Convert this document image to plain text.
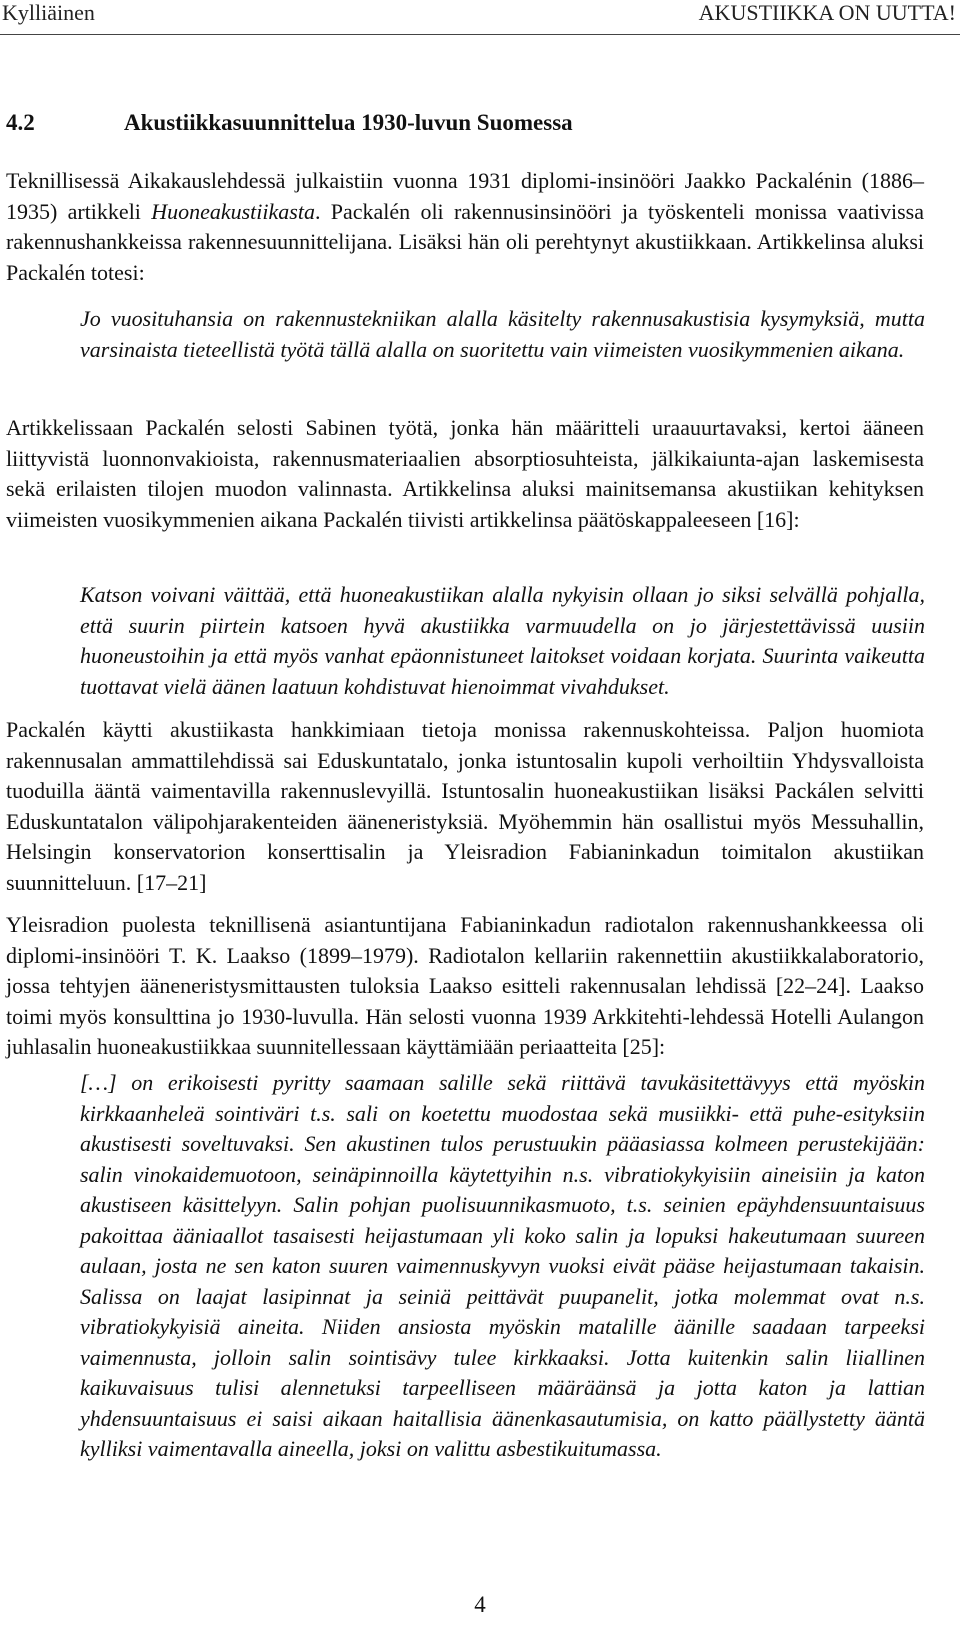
Kylliäinen	AKUSTIIKKA ON UUTTA!
4.2	Akustiikkasuunnittelua 1930-luvun Suomessa

Teknillisessä Aikakauslehdessä julkaistiin vuonna 1931 diplomi-insinööri Jaakko Packalénin (1886–1935) artikkeli Huoneakustiikasta. Packalén oli rakennusinsinööri ja työskenteli monissa vaativissa rakennushankkeissa rakennesuunnittelijana. Lisäksi hän oli perehtynyt akustiikkaan. Artikkelinsa aluksi Packalén totesi:

Jo vuosituhansia on rakennustekniikan alalla käsitelty rakennusakustisia kysymyksiä, mutta varsinaista tieteellistä työtä tällä alalla on suoritettu vain viimeisten vuosikymmenien aikana.

Artikkelissaan Packalén selosti Sabinen työtä, jonka hän määritteli uraauurtavaksi, kertoi ääneen liittyvistä luonnonvakioista, rakennusmateriaalien absorptiosuhteista, jälkikaiunta-ajan laskemisesta sekä erilaisten tilojen muodon valinnasta. Artikkelinsa aluksi mainitsemansa akustiikan kehityksen viimeisten vuosikymmenien aikana Packalén tiivisti artikkelinsa päätöskappaleeseen [16]:

Katson voivani väittää, että huoneakustiikan alalla nykyisin ollaan jo siksi selvällä pohjalla, että suurin piirtein katsoen hyvä akustiikka varmuudella on jo järjestettävissä uusiin huoneustoihin ja että myös vanhat epäonnistuneet laitokset voidaan korjata. Suurinta vaikeutta tuottavat vielä äänen laatuun kohdistuvat hienoimmat vivahdukset.

Packalén käytti akustiikasta hankkimiaan tietoja monissa rakennuskohteissa. Paljon huomiota rakennusalan ammattilehdissä sai Eduskuntatalo, jonka istuntosalin kupoli verhoiltiin Yhdysvalloista tuoduilla ääntä vaimentavilla rakennuslevyillä. Istuntosalin huoneakustiikan lisäksi Packálen selvitti Eduskuntatalon välipohjarakenteiden ääneneristyksiä. Myöhemmin hän osallistui myös Messuhallin, Helsingin konservatorion konserttisalin ja Yleisradion Fabianinkadun toimitalon akustiikan suunnitteluun. [17–21]

Yleisradion puolesta teknillisenä asiantuntijana Fabianinkadun radiotalon rakennushankkeessa oli diplomi-insinööri T. K. Laakso (1899–1979). Radiotalon kellariin rakennettiin akustiikkalaboratorio, jossa tehtyjen ääneneristysmittausten tuloksia Laakso esitteli rakennusalan lehdissä [22–24]. Laakso toimi myös konsulttina jo 1930-luvulla. Hän selosti vuonna 1939 Arkkitehti-lehdessä Hotelli Aulangon juhlasalin huoneakustiikkaa suunnitellessaan käyttämiään periaatteita [25]:

[…] on erikoisesti pyritty saamaan salille sekä riittävä tavukäsitettävyys että myöskin kirkkaanheleä sointiväri t.s. sali on koetettu muodostaa sekä musiikki- että puhe-esityksiin akustisesti soveltuvaksi. Sen akustinen tulos perustuukin pääasiassa kolmeen perustekijään: salin vinokaidemuotoon, seinäpinnoilla käytettyihin n.s. vibratiokykyisiin aineisiin ja katon akustiseen käsittelyyn. Salin pohjan puolisuunnikasmuoto, t.s. seinien epäyhdensuuntaisuus pakoittaa ääniaallot tasaisesti heijastumaan yli koko salin ja lopuksi hakeutumaan suureen aulaan, josta ne sen katon suuren vaimennuskyvyn vuoksi eivät pääse heijastumaan takaisin. Salissa on laajat lasipinnat ja seiniä peittävät puupanelit, jotka molemmat ovat n.s. vibratiokykyisiä aineita. Niiden ansiosta myöskin matalille äänille saadaan tarpeeksi vaimennusta, jolloin salin sointisävy tulee kirkkaaksi. Jotta kuitenkin salin liiallinen kaikuvaisuus tulisi alennetuksi tarpeelliseen määräänsä ja jotta katon ja lattian yhdensuuntaisuus ei saisi aikaan haitallisia äänenkasautumisia, on katto päällystetty ääntä kylliksi vaimentavalla aineella, joksi on valittu asbestikuitumassa.

4
